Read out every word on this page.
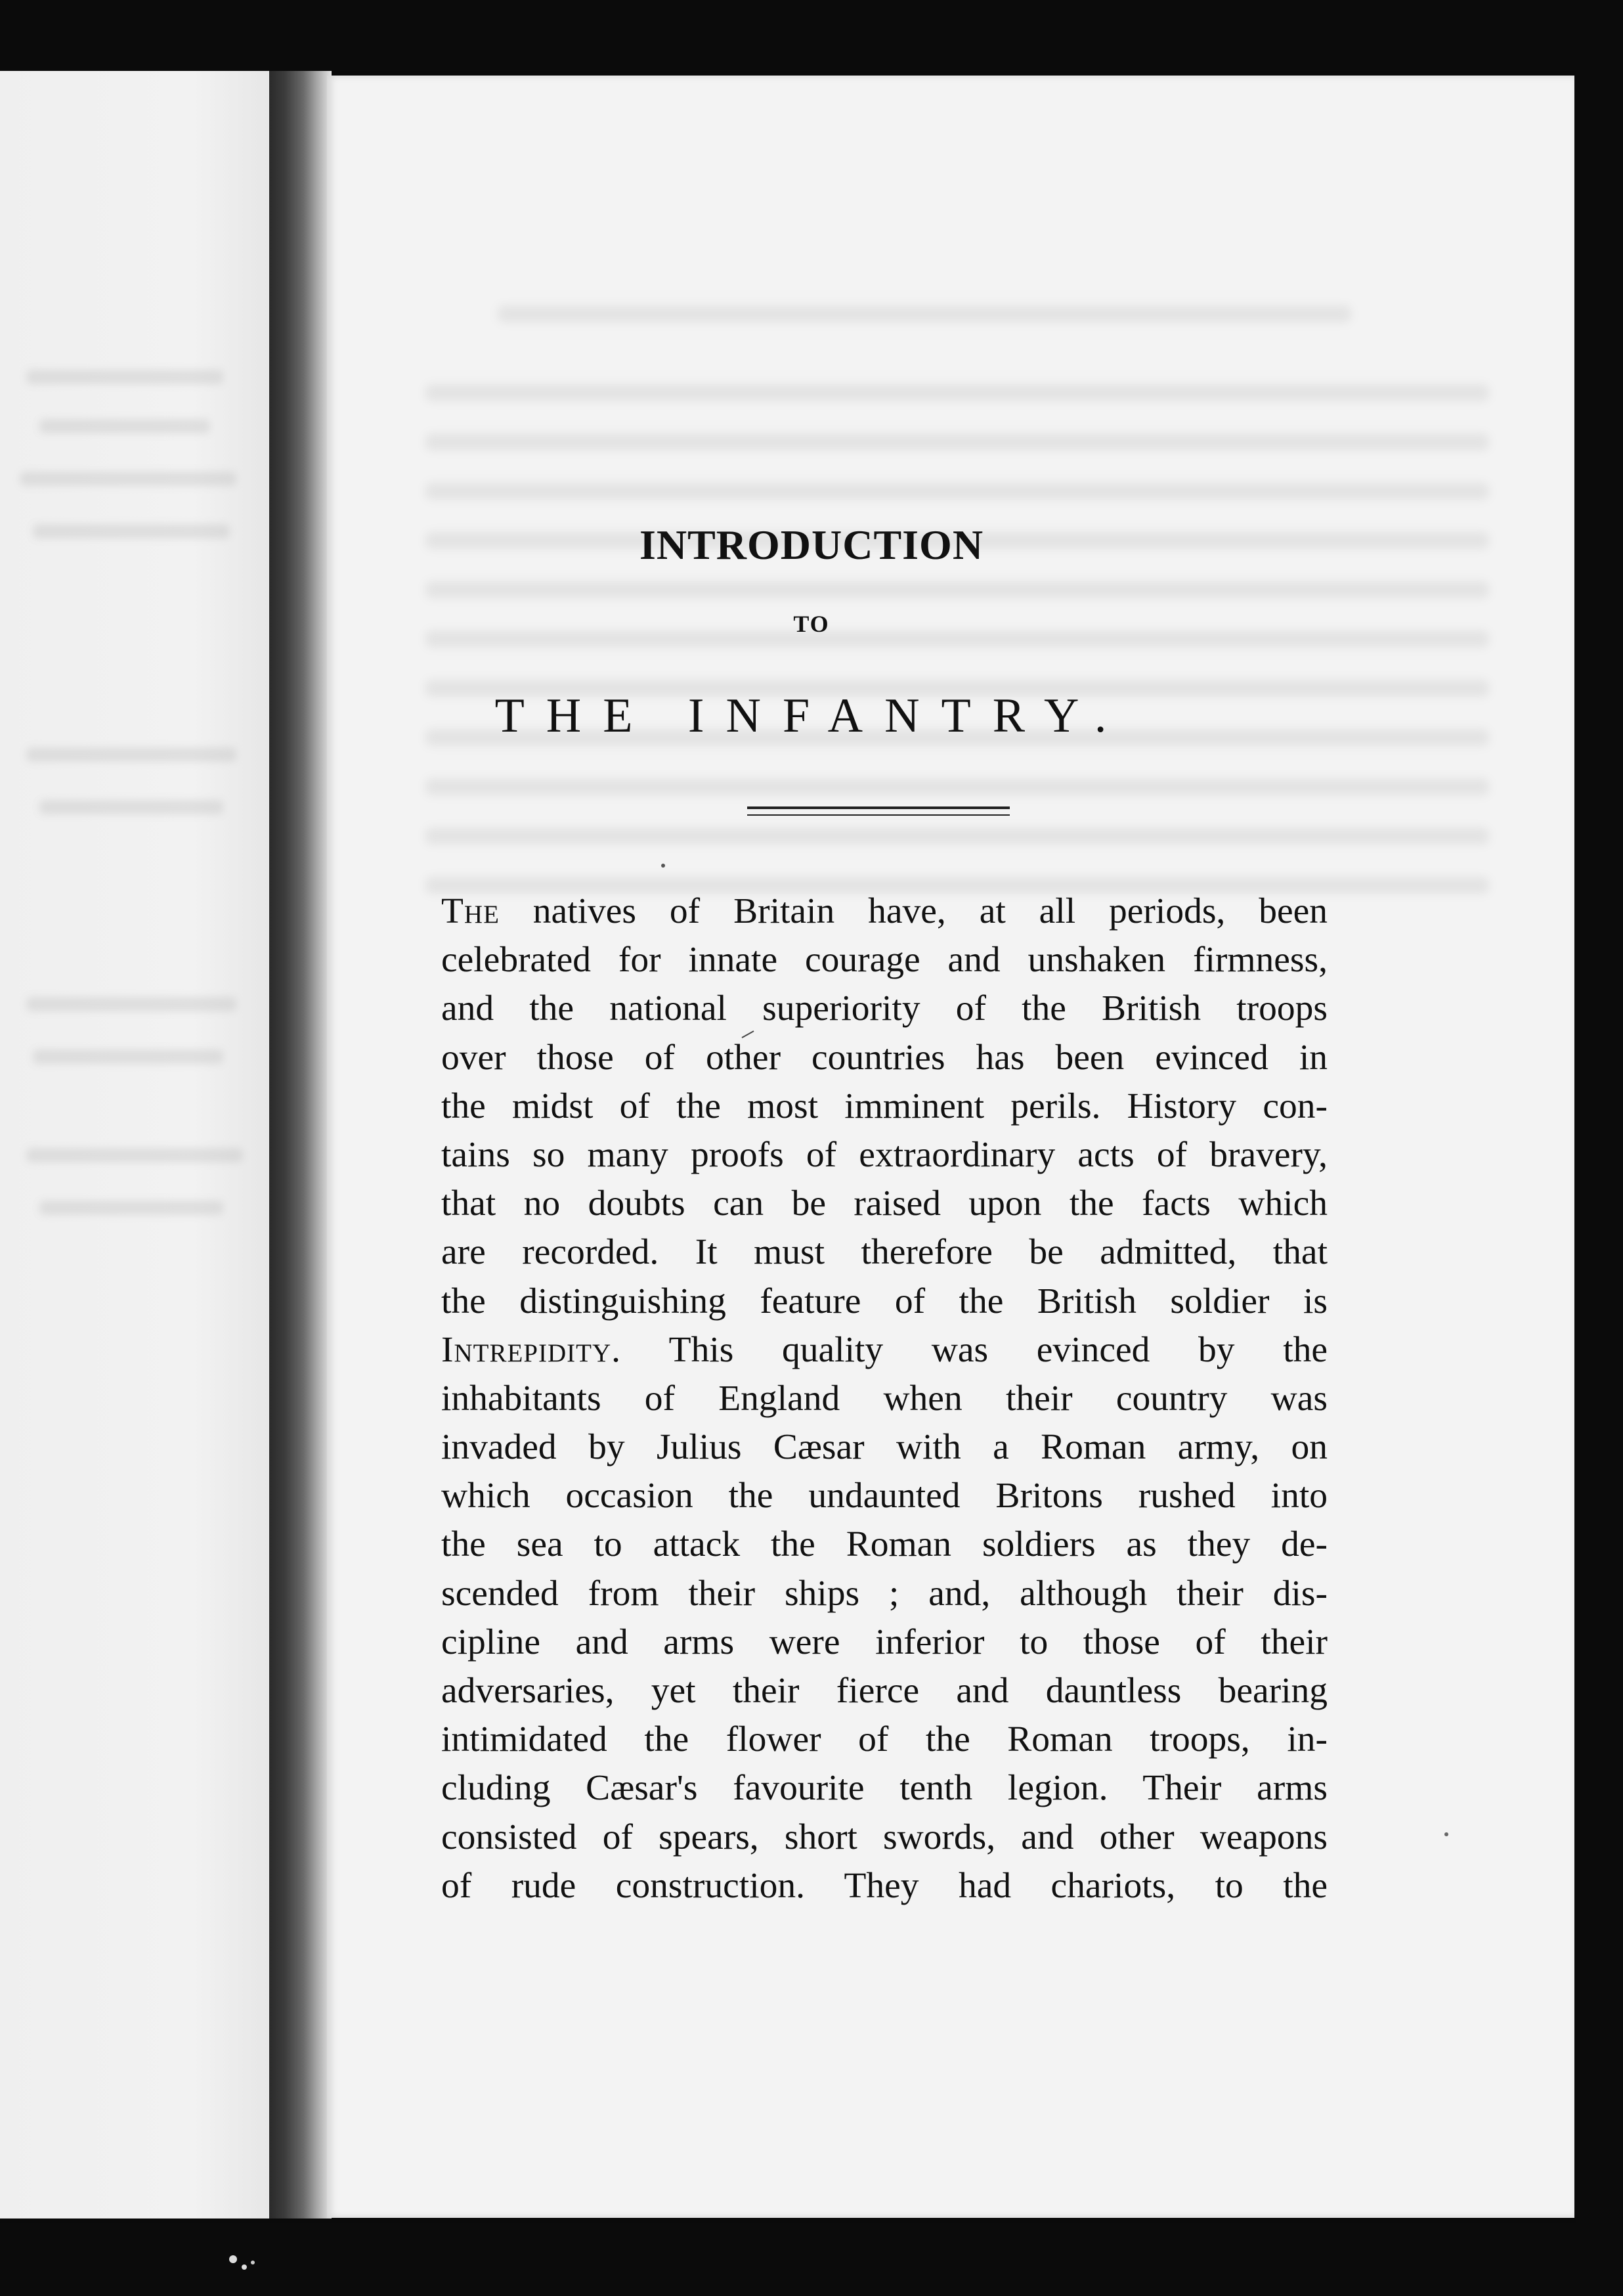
INTRODUCTION
TO
THE INFANTRY.
The natives of Britain have, at all periods, been
celebrated for innate courage and unshaken firmness,
and the national superiority of the British troops
over those of other countries has been evinced in
the midst of the most imminent perils. History con-
tains so many proofs of extraordinary acts of bravery,
that no doubts can be raised upon the facts which
are recorded. It must therefore be admitted, that
the distinguishing feature of the British soldier is
Intrepidity. This quality was evinced by the
inhabitants of England when their country was
invaded by Julius Cæsar with a Roman army, on
which occasion the undaunted Britons rushed into
the sea to attack the Roman soldiers as they de-
scended from their ships ; and, although their dis-
cipline and arms were inferior to those of their
adversaries, yet their fierce and dauntless bearing
intimidated the flower of the Roman troops, in-
cluding Cæsar's favourite tenth legion. Their arms
consisted of spears, short swords, and other weapons
of rude construction. They had chariots, to the
